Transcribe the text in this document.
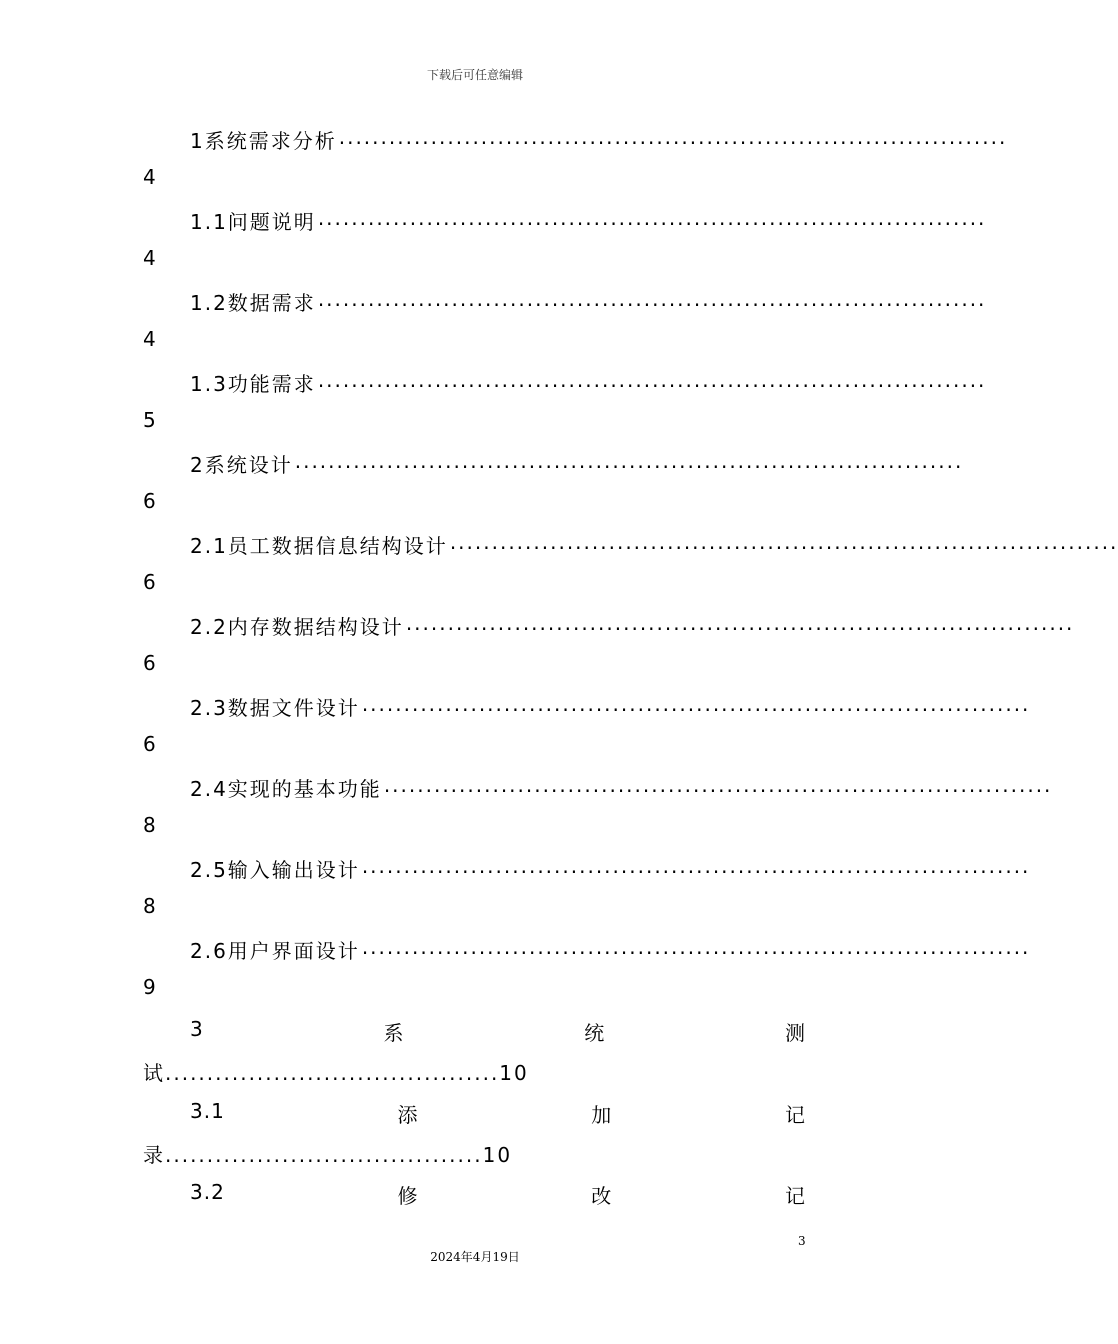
下载后可任意编辑
1系统需求分析 ................................................................................
4
1.1问题说明 ................................................................................
4
1.2数据需求 ................................................................................
4
1.3功能需求 ................................................................................
5
2系统设计 ................................................................................
6
2.1员工数据信息结构设计 ................................................................................
6
2.2内存数据结构设计 ................................................................................
6
2.3数据文件设计 ................................................................................
6
2.4实现的基本功能 ................................................................................
8
2.5输入输出设计 ................................................................................
8
2.6用户界面设计 ................................................................................
9
3	系	统	测
试........................................10
3.1	添	加	记
录......................................10
3.2	修	改	记
3
2024年4月19日
